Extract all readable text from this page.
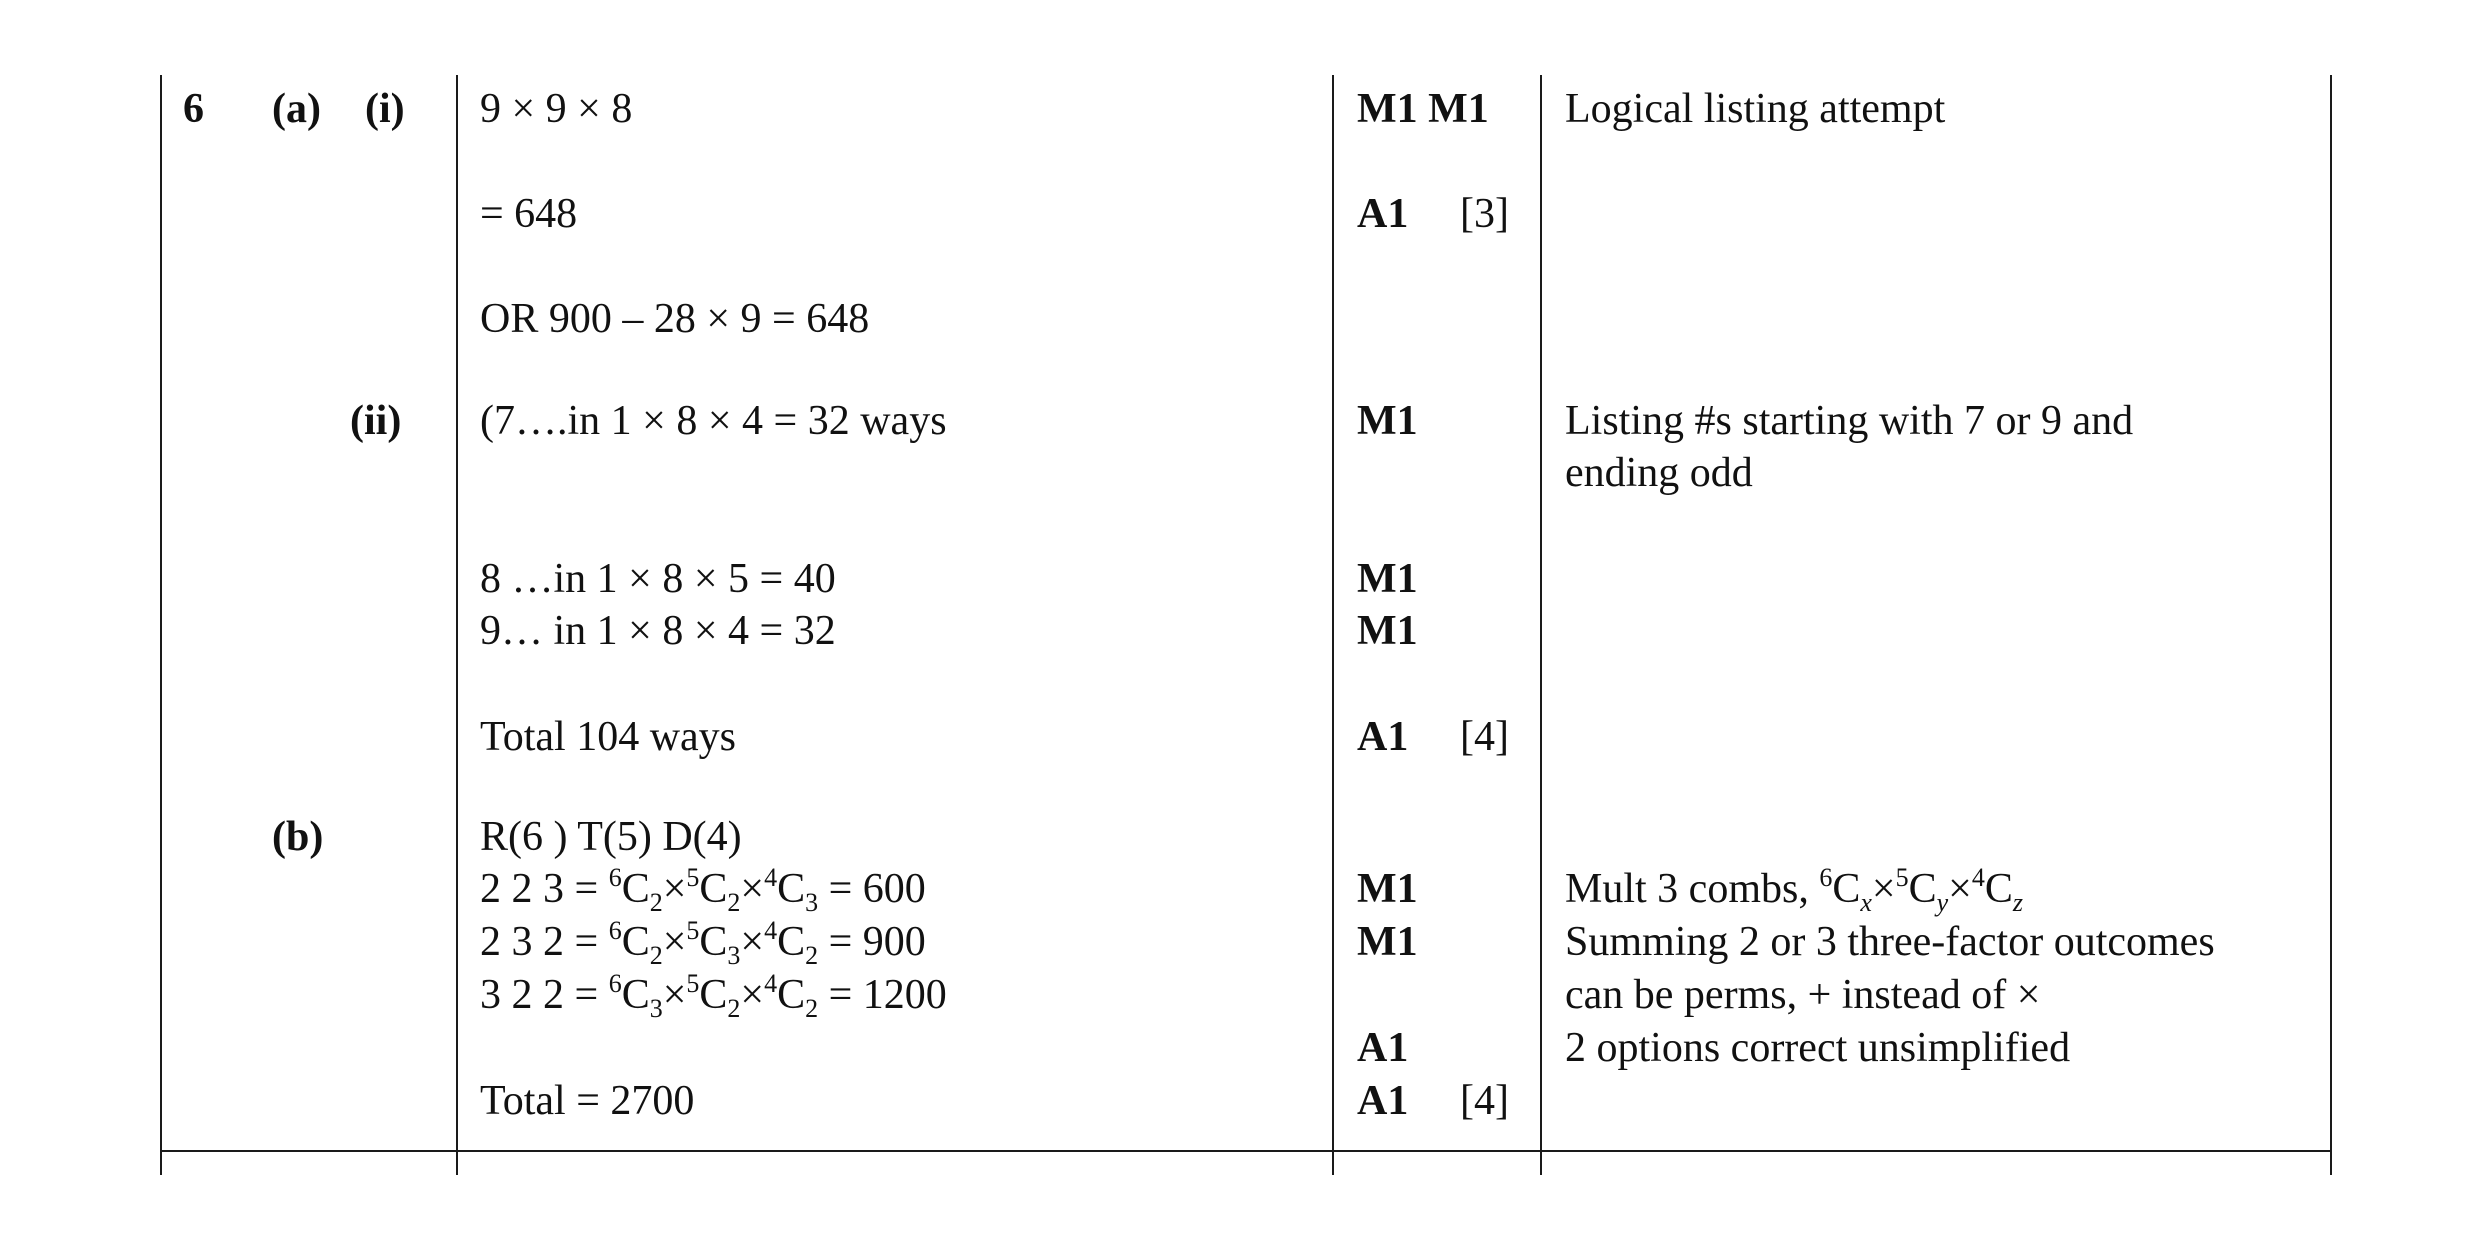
6 (a) (i)
(ii)
(b)
9 × 9 × 8
= 648
OR 900 – 28 × 9 = 648
M1 M1
A1 [3]
Logical listing attempt
(7….in 1 × 8 × 4 = 32 ways
8 …in 1 × 8 × 5 = 40
9… in 1 × 8 × 4 = 32
Total 104 ways
M1
M1
M1
A1 [4]
Listing #s starting with 7 or 9 and
ending odd
R(6 ) T(5) D(4)
2 2 $3 = ^6C_2\times^5C_2\times^4C_3 = 600$
2 3 $2 = ^6C_2\times^5C_3\times^4C_2 = 900$
3 2 $2 = ^6C_3\times^5C_2\times^4C_2 = 1200$
Total = 2700
M1
M1
A1
A1 [4]
Mult 3 combs, $^6C_x\times^5C_y\times^4C_z$
Summing 2 or 3 three-factor outcomes
can be perms, + instead of ×
2 options correct unsimplified
